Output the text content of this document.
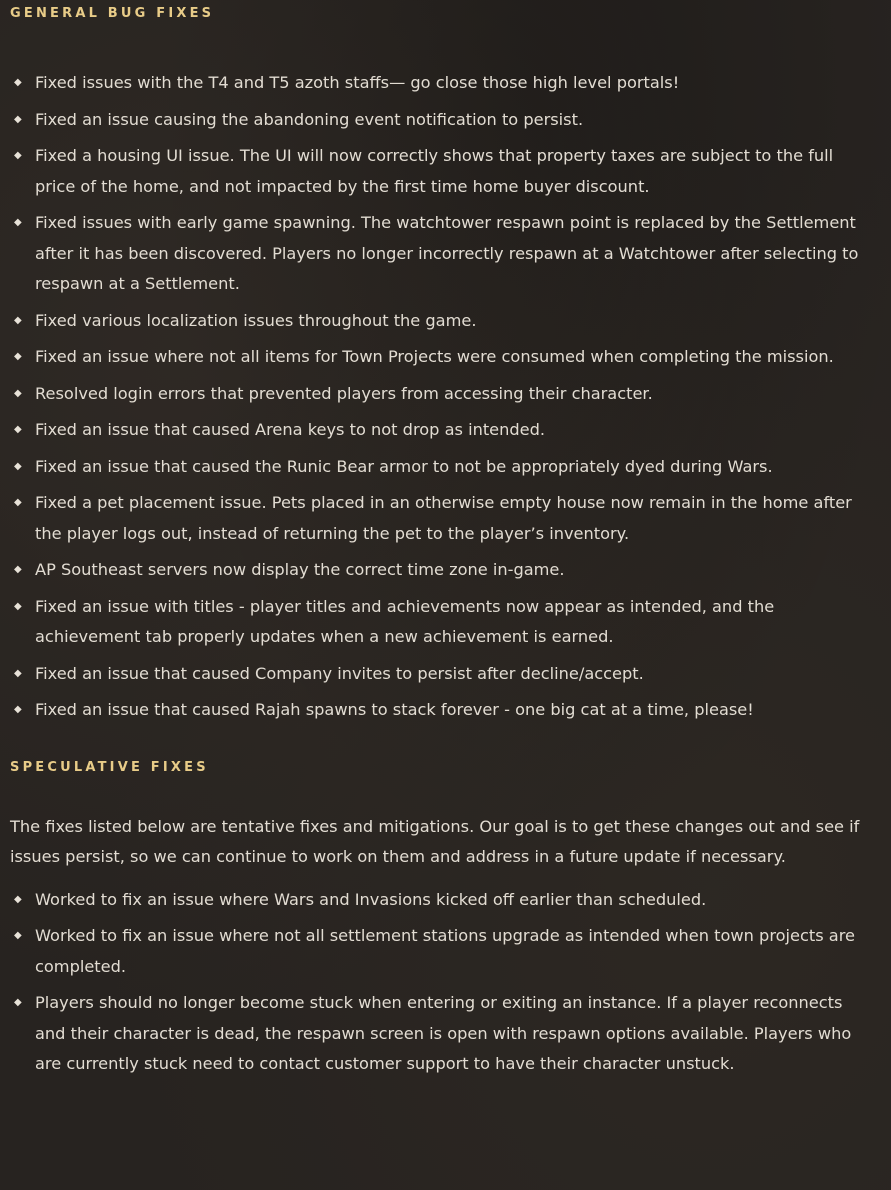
GENERAL BUG FIXES
◆ Fixed issues with the T4 and T5 azoth staffs— go close those high level portals!
◆ Fixed an issue causing the abandoning event notification to persist.
◆ Fixed a housing UI issue. The UI will now correctly shows that property taxes are subject to the full price of the home, and not impacted by the first time home buyer discount.
◆ Fixed issues with early game spawning. The watchtower respawn point is replaced by the Settlement after it has been discovered. Players no longer incorrectly respawn at a Watchtower after selecting to respawn at a Settlement.
◆ Fixed various localization issues throughout the game.
◆ Fixed an issue where not all items for Town Projects were consumed when completing the mission.
◆ Resolved login errors that prevented players from accessing their character.
◆ Fixed an issue that caused Arena keys to not drop as intended.
◆ Fixed an issue that caused the Runic Bear armor to not be appropriately dyed during Wars.
◆ Fixed a pet placement issue. Pets placed in an otherwise empty house now remain in the home after the player logs out, instead of returning the pet to the player’s inventory.
◆ AP Southeast servers now display the correct time zone in-game.
◆ Fixed an issue with titles - player titles and achievements now appear as intended, and the achievement tab properly updates when a new achievement is earned.
◆ Fixed an issue that caused Company invites to persist after decline/accept.
◆ Fixed an issue that caused Rajah spawns to stack forever - one big cat at a time, please!
SPECULATIVE FIXES

The fixes listed below are tentative fixes and mitigations. Our goal is to get these changes out and see if issues persist, so we can continue to work on them and address in a future update if necessary.

◆ Worked to fix an issue where Wars and Invasions kicked off earlier than scheduled.
◆ Worked to fix an issue where not all settlement stations upgrade as intended when town projects are completed.
◆ Players should no longer become stuck when entering or exiting an instance. If a player reconnects and their character is dead, the respawn screen is open with respawn options available. Players who are currently stuck need to contact customer support to have their character unstuck.
